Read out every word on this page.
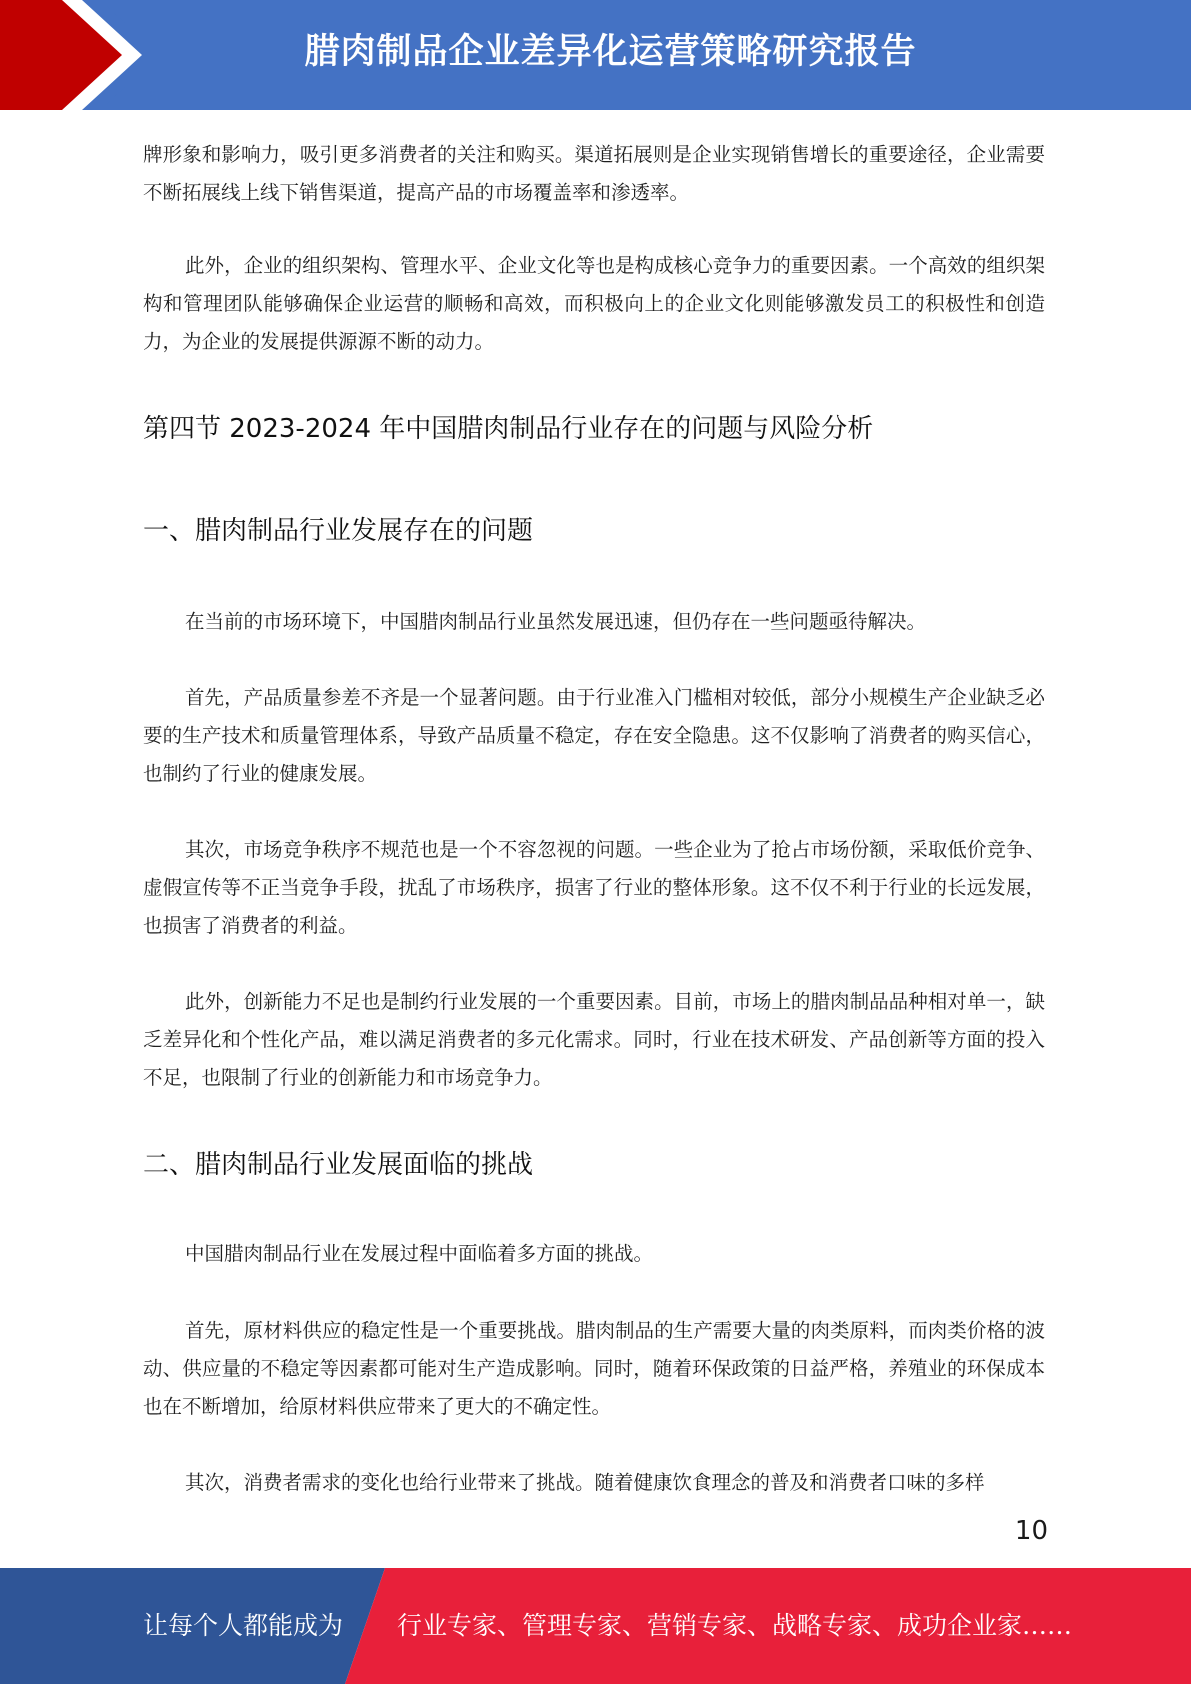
腊肉制品企业差异化运营策略研究报告

牌形象和影响力，吸引更多消费者的关注和购买。渠道拓展则是企业实现销售增长的重要途径，企业需要不断拓展线上线下销售渠道，提高产品的市场覆盖率和渗透率。

此外，企业的组织架构、管理水平、企业文化等也是构成核心竞争力的重要因素。一个高效的组织架构和管理团队能够确保企业运营的顺畅和高效，而积极向上的企业文化则能够激发员工的积极性和创造力，为企业的发展提供源源不断的动力。

第四节 2023-2024 年中国腊肉制品行业存在的问题与风险分析
一、腊肉制品行业发展存在的问题

在当前的市场环境下，中国腊肉制品行业虽然发展迅速，但仍存在一些问题亟待解决。

首先，产品质量参差不齐是一个显著问题。由于行业准入门槛相对较低，部分小规模生产企业缺乏必要的生产技术和质量管理体系，导致产品质量不稳定，存在安全隐患。这不仅影响了消费者的购买信心，也制约了行业的健康发展。

其次，市场竞争秩序不规范也是一个不容忽视的问题。一些企业为了抢占市场份额，采取低价竞争、虚假宣传等不正当竞争手段，扰乱了市场秩序，损害了行业的整体形象。这不仅不利于行业的长远发展，也损害了消费者的利益。

此外，创新能力不足也是制约行业发展的一个重要因素。目前，市场上的腊肉制品品种相对单一，缺乏差异化和个性化产品，难以满足消费者的多元化需求。同时，行业在技术研发、产品创新等方面的投入不足，也限制了行业的创新能力和市场竞争力。

二、腊肉制品行业发展面临的挑战

中国腊肉制品行业在发展过程中面临着多方面的挑战。

首先，原材料供应的稳定性是一个重要挑战。腊肉制品的生产需要大量的肉类原料，而肉类价格的波动、供应量的不稳定等因素都可能对生产造成影响。同时，随着环保政策的日益严格，养殖业的环保成本也在不断增加，给原材料供应带来了更大的不确定性。

其次，消费者需求的变化也给行业带来了挑战。随着健康饮食理念的普及和消费者口味的多样

10
让每个人都能成为 行业专家、管理专家、营销专家、战略专家、成功企业家……
